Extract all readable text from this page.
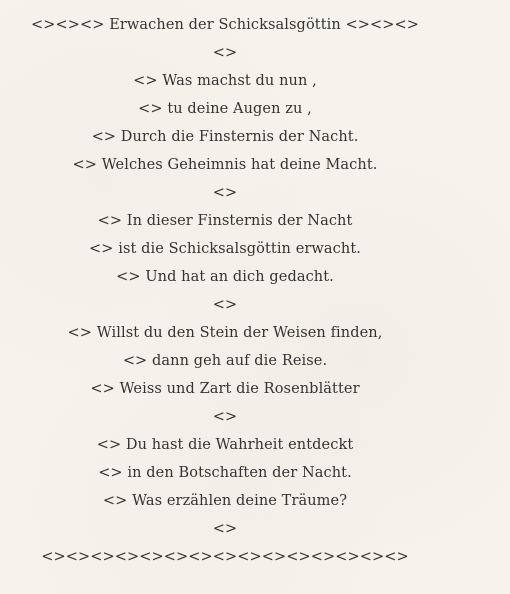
<><><> Erwachen der Schicksalsgöttin <><><>
<>
<> Was machst du nun ,
<> tu deine Augen zu ,
<> Durch die Finsternis der Nacht.
<> Welches Geheimnis hat deine Macht.
<>
<> In dieser Finsternis der Nacht
<> ist die Schicksalsgöttin erwacht.
<> Und hat an dich gedacht.
<>
<> Willst du den Stein der Weisen finden,
<> dann geh auf die Reise.
<> Weiss und Zart die Rosenblätter
<>
<> Du hast die Wahrheit entdeckt
<> in den Botschaften der Nacht.
<> Was erzählen deine Träume?
<>
<><><><><><><><><><><><><><><>
